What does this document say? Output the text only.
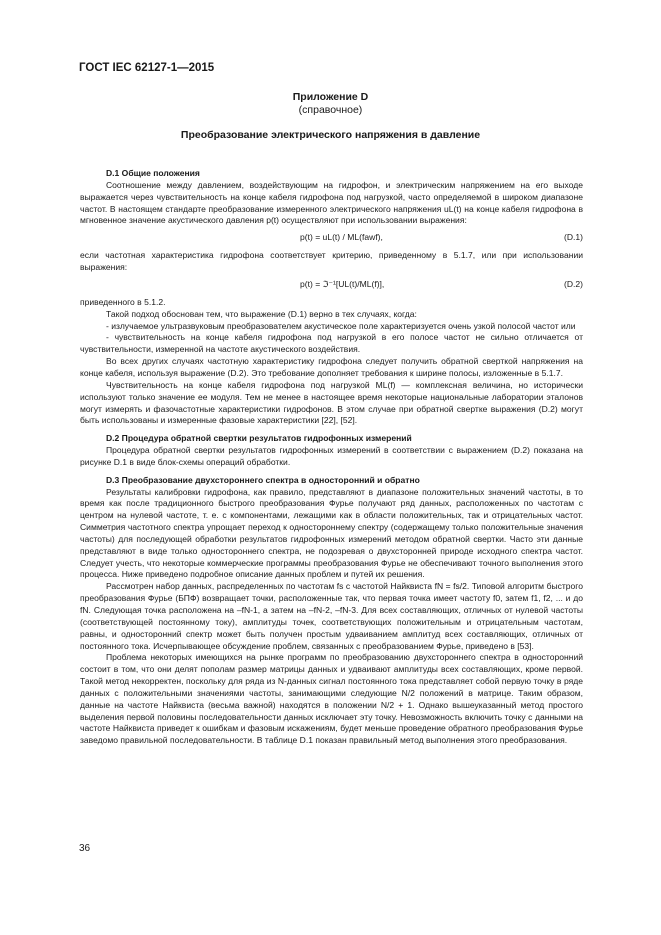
ГОСТ IEC 62127-1—2015
Приложение D
(справочное)
Преобразование электрического напряжения в давление

D.1 Общие положения

Соотношение между давлением, воздействующим на гидрофон, и электрическим напряжением на его выходе выражается через чувствительность на конце кабеля гидрофона под нагрузкой, часто определяемой в широком диапазоне частот. В настоящем стандарте преобразование измеренного электрического напряжения uL(t) на конце кабеля гидрофона в мгновенное значение акустического давления p(t) осуществляют при использовании выражения:

p(t) = uL(t) / ML(fawf),	(D.1)

если частотная характеристика гидрофона соответствует критерию, приведенному в 5.1.7, или при использовании выражения:

p(t) = ℑ⁻¹[UL(t)/ML(f)],	(D.2)

приведенного в 5.1.2.

Такой подход обоснован тем, что выражение (D.1) верно в тех случаях, когда:

- излучаемое ультразвуковым преобразователем акустическое поле характеризуется очень узкой полосой частот или

- чувствительность на конце кабеля гидрофона под нагрузкой в его полосе частот не сильно отличается от чувствительности, измеренной на частоте акустического воздействия.

Во всех других случаях частотную характеристику гидрофона следует получить обратной сверткой напряжения на конце кабеля, используя выражение (D.2). Это требование дополняет требования к ширине полосы, изложенные в 5.1.7.

Чувствительность на конце кабеля гидрофона под нагрузкой ML(f) — комплексная величина, но исторически используют только значение ее модуля. Тем не менее в настоящее время некоторые национальные лаборатории эталонов могут измерять и фазочастотные характеристики гидрофонов. В этом случае при обратной свертке выражения (D.2) могут быть использованы и измеренные фазовые характеристики [22], [52].

D.2 Процедура обратной свертки результатов гидрофонных измерений

Процедура обратной свертки результатов гидрофонных измерений в соответствии с выражением (D.2) показана на рисунке D.1 в виде блок-схемы операций обработки.

D.3 Преобразование двухстороннего спектра в односторонний и обратно

Результаты калибровки гидрофона, как правило, представляют в диапазоне положительных значений частоты, в то время как после традиционного быстрого преобразования Фурье получают ряд данных, расположенных по частотам с центром на нулевой частоте, т. е. с компонентами, лежащими как в области положительных, так и отрицательных частот. Симметрия частотного спектра упрощает переход к одностороннему спектру (содержащему только положительные значения частоты) для последующей обработки результатов гидрофонных измерений методом обратной свертки. Часто эти данные представляют в виде только одностороннего спектра, не подозревая о двухсторонней природе исходного спектра частот. Следует учесть, что некоторые коммерческие программы преобразования Фурье не обеспечивают точного выполнения этого процесса. Ниже приведено подробное описание данных проблем и путей их решения.

Рассмотрен набор данных, распределенных по частотам fs с частотой Найквиста fN = fs/2. Типовой алгоритм быстрого преобразования Фурье (БПФ) возвращает точки, расположенные так, что первая точка имеет частоту f0, затем f1, f2, ... и до fN. Следующая точка расположена на –fN-1, а затем на –fN-2, –fN-3. Для всех составляющих, отличных от нулевой частоты (соответствующей постоянному току), амплитуды точек, соответствующих положительным и отрицательным частотам, равны, и односторонний спектр может быть получен простым удваиванием амплитуд всех составляющих, отличных от постоянного тока. Исчерпывающее обсуждение проблем, связанных с преобразованием Фурье, приведено в [53].

Проблема некоторых имеющихся на рынке программ по преобразованию двухстороннего спектра в односторонний состоит в том, что они делят пополам размер матрицы данных и удваивают амплитуды всех составляющих, кроме первой. Такой метод некорректен, поскольку для ряда из N-данных сигнал постоянного тока представляет собой первую точку в ряде данных с положительными значениями частоты, занимающими следующие N/2 положений в матрице. Таким образом, данные на частоте Найквиста (весьма важной) находятся в положении N/2 + 1. Однако вышеуказанный метод простого выделения первой половины последовательности данных исключает эту точку. Невозможность включить точку с данными на частоте Найквиста приведет к ошибкам и фазовым искажениям, будет меньше проведение обратного преобразования Фурье заведомо правильной последовательности. В таблице D.1 показан правильный метод выполнения этого преобразования.

36
